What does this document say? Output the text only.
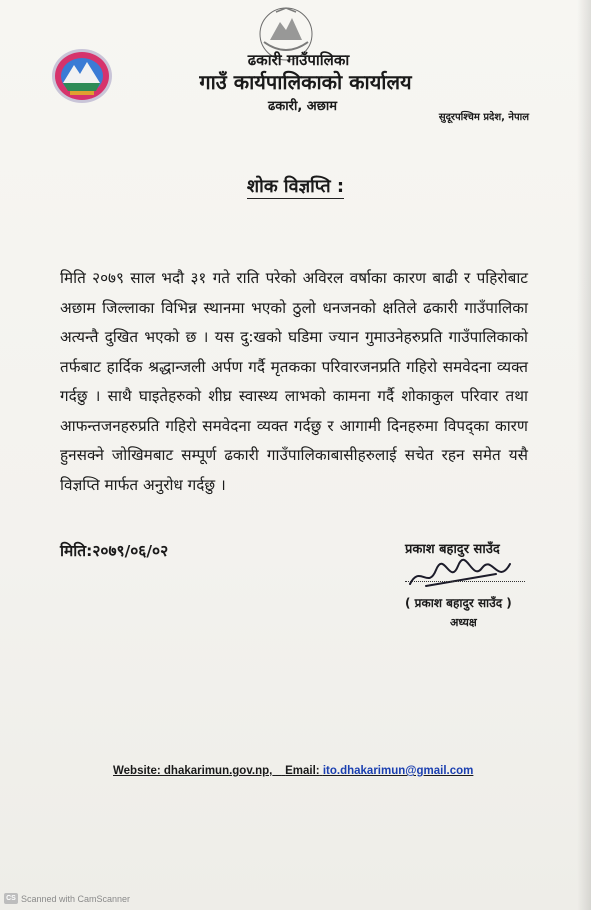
ढकारी गाउँपालिका
गाउँ कार्यपालिकाको कार्यालय
ढकारी, अछाम
सुदूरपश्चिम प्रदेश, नेपाल
शोक विज्ञप्ति :
मिति २०७९ साल भदौ ३१ गते राति परेको अविरल वर्षाका कारण बाढी र पहिरोबाट अछाम जिल्लाका विभिन्न स्थानमा भएको ठुलो धनजनको क्षतिले ढकारी गाउँपालिका अत्यन्तै दुखित भएको छ । यस दु:खको घडिमा ज्यान गुमाउनेहरुप्रति गाउँपालिकाको तर्फबाट हार्दिक श्रद्धान्जली अर्पण गर्दै मृतकका परिवारजनप्रति गहिरो समवेदना व्यक्त गर्दछु । साथै घाइतेहरुको शीघ्र स्वास्थ्य लाभको कामना गर्दै शोकाकुल परिवार तथा आफन्तजनहरुप्रति गहिरो समवेदना व्यक्त गर्दछु र आगामी दिनहरुमा विपद्का कारण हुनसक्ने जोखिमबाट सम्पूर्ण ढकारी गाउँपालिकाबासीहरुलाई सचेत रहन समेत यसै विज्ञप्ति मार्फत अनुरोध गर्दछु ।
मिति:२०७९/०६/०२	प्रकाश बहादुर साउँद
( प्रकाश बहादुर साउँद )
अध्यक्ष
Website: dhakarimun.gov.np, Email: ito.dhakarimun@gmail.com
CS Scanned with CamScanner
